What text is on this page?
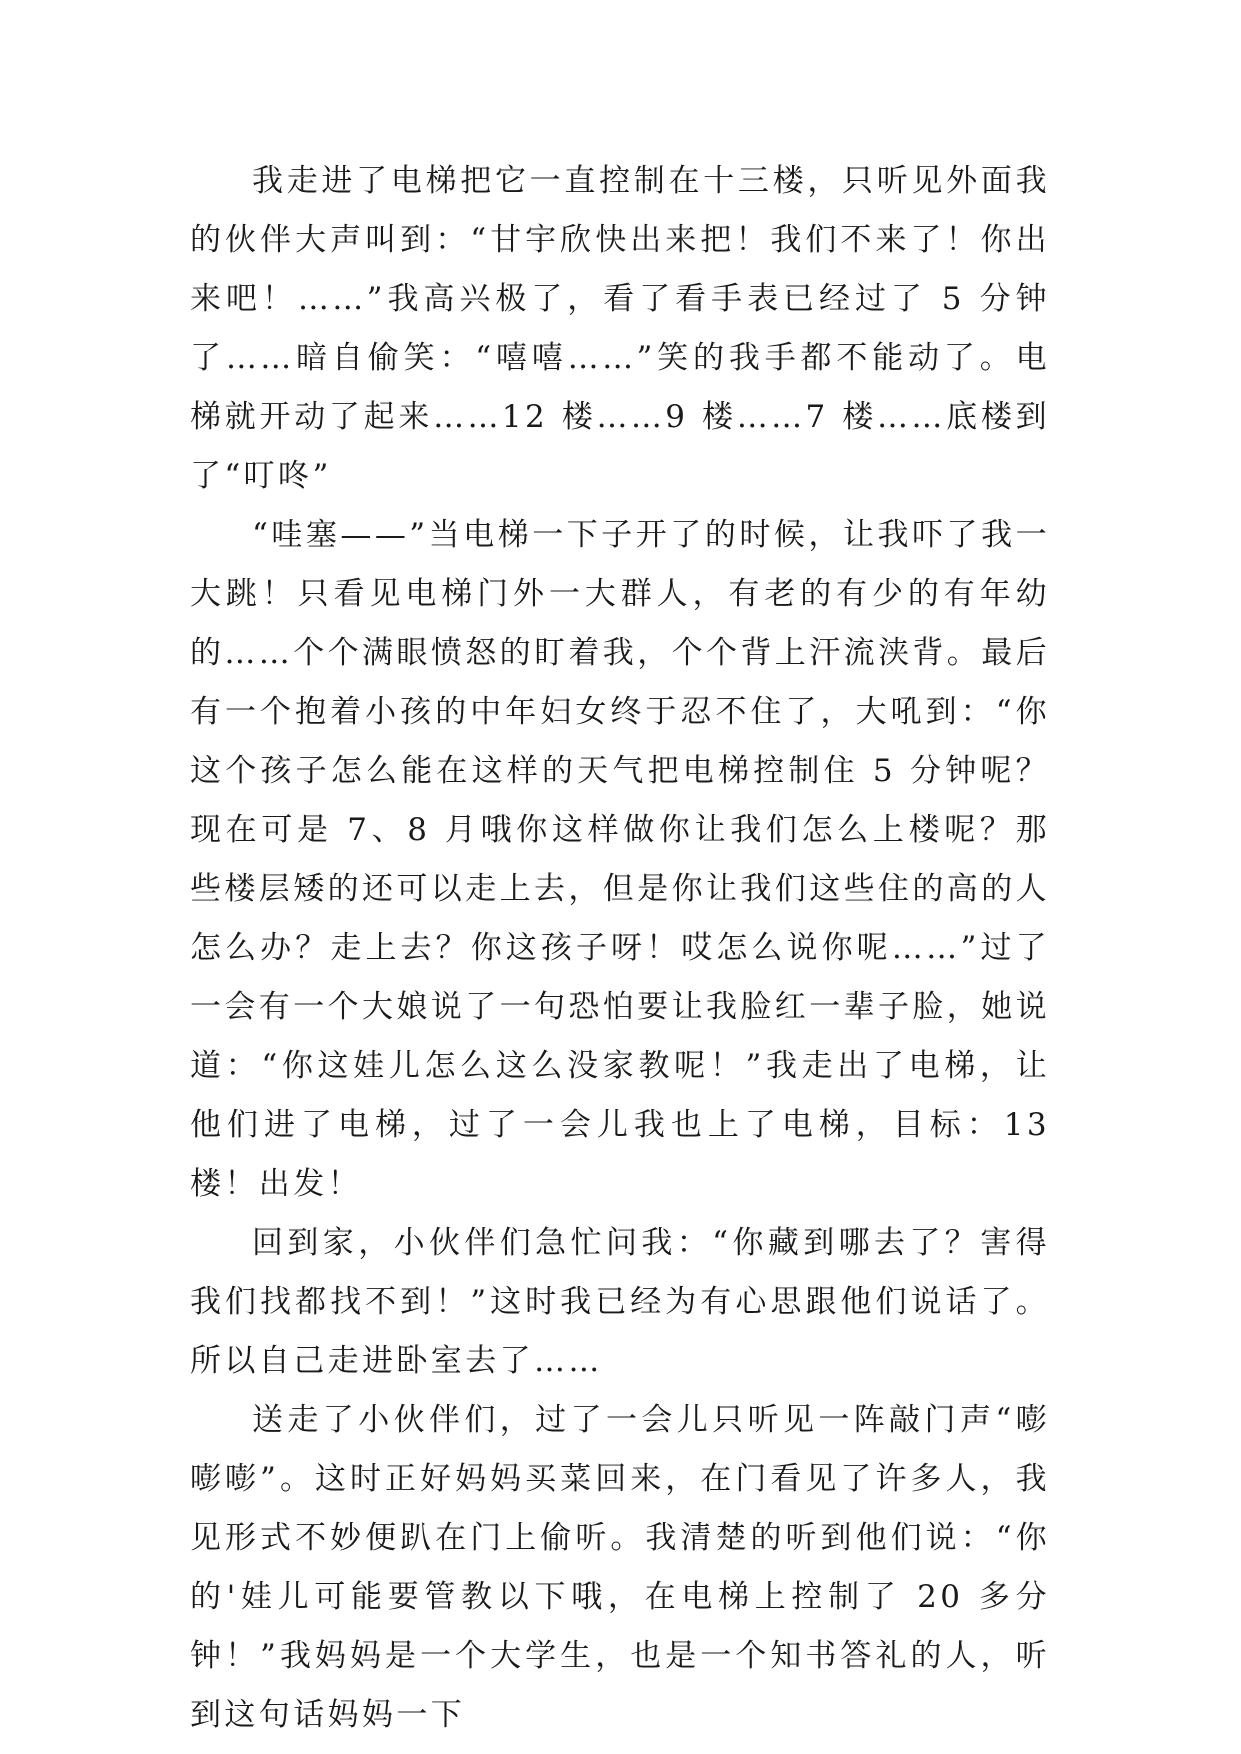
我走进了电梯把它一直控制在十三楼，只听见外面我的伙伴大声叫到：“甘宇欣快出来把！我们不来了！你出来吧！……”我高兴极了，看了看手表已经过了 5 分钟了……暗自偷笑：“嘻嘻……”笑的我手都不能动了。电梯就开动了起来……12 楼……9 楼……7 楼……底楼到了“叮咚”

“哇塞——”当电梯一下子开了的时候，让我吓了我一大跳！只看见电梯门外一大群人，有老的有少的有年幼的……个个满眼愤怒的盯着我，个个背上汗流浃背。最后有一个抱着小孩的中年妇女终于忍不住了，大吼到：“你这个孩子怎么能在这样的天气把电梯控制住 5 分钟呢？现在可是 7、8 月哦你这样做你让我们怎么上楼呢？那些楼层矮的还可以走上去，但是你让我们这些住的高的人怎么办？走上去？你这孩子呀！哎怎么说你呢……”过了一会有一个大娘说了一句恐怕要让我脸红一辈子脸，她说道：“你这娃儿怎么这么没家教呢！”我走出了电梯，让他们进了电梯，过了一会儿我也上了电梯，目标：13 楼！出发！

回到家，小伙伴们急忙问我：“你藏到哪去了？害得我们找都找不到！”这时我已经为有心思跟他们说话了。所以自己走进卧室去了……

送走了小伙伴们，过了一会儿只听见一阵敲门声“嘭嘭嘭”。这时正好妈妈买菜回来，在门看见了许多人，我见形式不妙便趴在门上偷听。我清楚的听到他们说：“你的'娃儿可能要管教以下哦，在电梯上控制了 20 多分钟！”我妈妈是一个大学生，也是一个知书答礼的人，听到这句话妈妈一下
